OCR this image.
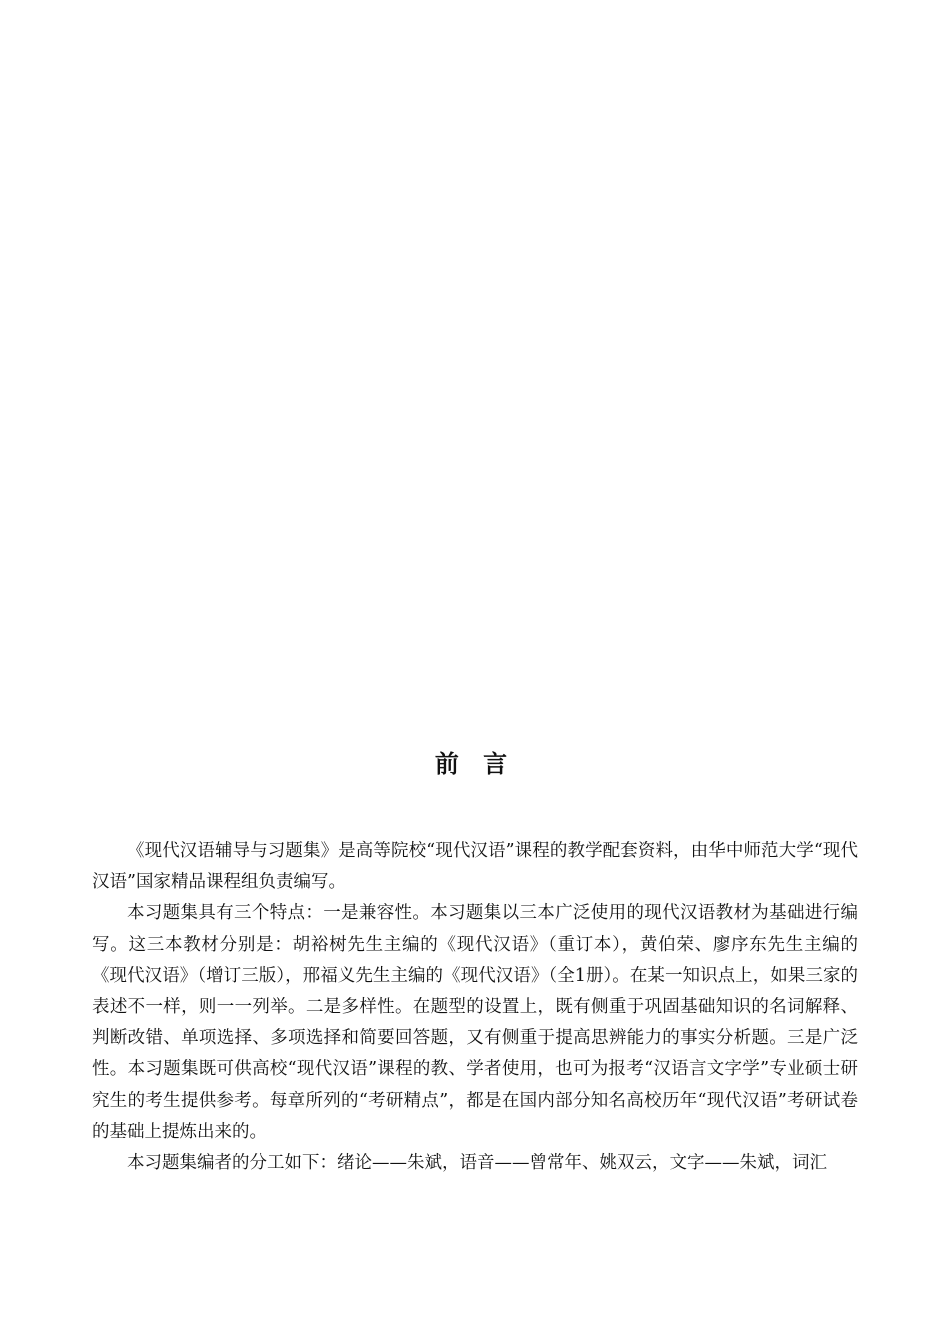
前 言

《现代汉语辅导与习题集》是高等院校“现代汉语”课程的教学配套资料，由华中师范大学“现代汉语”国家精品课程组负责编写。

本习题集具有三个特点：一是兼容性。本习题集以三本广泛使用的现代汉语教材为基础进行编写。这三本教材分别是：胡裕树先生主编的《现代汉语》（重订本），黄伯荣、廖序东先生主编的《现代汉语》（增订三版），邢福义先生主编的《现代汉语》（全1册）。在某一知识点上，如果三家的表述不一样，则一一列举。二是多样性。在题型的设置上，既有侧重于巩固基础知识的名词解释、判断改错、单项选择、多项选择和简要回答题，又有侧重于提高思辨能力的事实分析题。三是广泛性。本习题集既可供高校“现代汉语”课程的教、学者使用，也可为报考“汉语言文字学”专业硕士研究生的考生提供参考。每章所列的“考研精点”，都是在国内部分知名高校历年“现代汉语”考研试卷的基础上提炼出来的。

本习题集编者的分工如下：绪论——朱斌，语音——曾常年、姚双云，文字——朱斌，词汇
